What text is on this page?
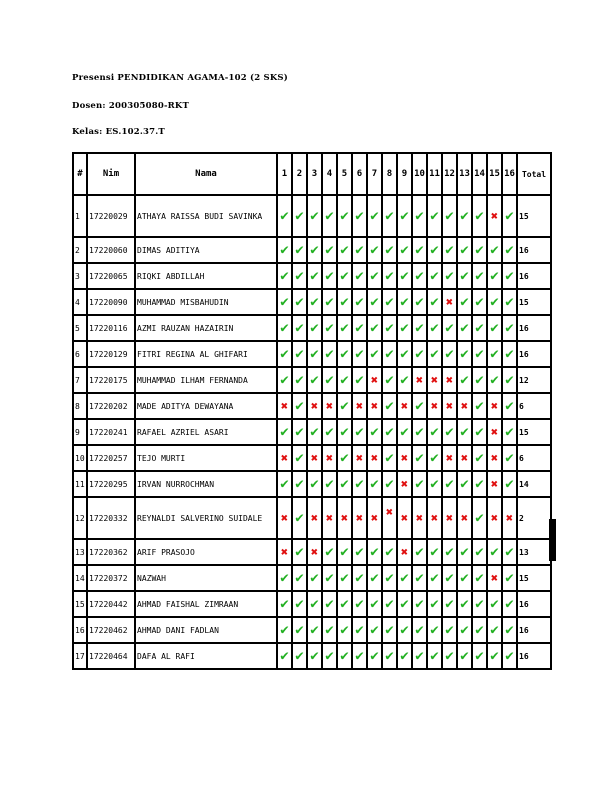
Presensi PENDIDIKAN AGAMA-102 (2 SKS)
Dosen: 200305080-RKT
Kelas: ES.102.37.T
#	Nim	Nama	1	2	3	4	5	6	7	8	9	10	11	12	13	14	15	16	Total
1	17220029	ATHAYA RAISSA BUDI SAVINKA	✔	✔	✔	✔	✔	✔	✔	✔	✔	✔	✔	✔	✔	✔	✖	✔	15
2	17220060	DIMAS ADITIYA	✔	✔	✔	✔	✔	✔	✔	✔	✔	✔	✔	✔	✔	✔	✔	✔	16
3	17220065	RIQKI ABDILLAH	✔	✔	✔	✔	✔	✔	✔	✔	✔	✔	✔	✔	✔	✔	✔	✔	16
4	17220090	MUHAMMAD MISBAHUDIN	✔	✔	✔	✔	✔	✔	✔	✔	✔	✔	✔	✖	✔	✔	✔	✔	15
5	17220116	AZMI RAUZAN HAZAIRIN	✔	✔	✔	✔	✔	✔	✔	✔	✔	✔	✔	✔	✔	✔	✔	✔	16
6	17220129	FITRI REGINA AL GHIFARI	✔	✔	✔	✔	✔	✔	✔	✔	✔	✔	✔	✔	✔	✔	✔	✔	16
7	17220175	MUHAMMAD ILHAM FERNANDA	✔	✔	✔	✔	✔	✔	✖	✔	✔	✖	✖	✖	✔	✔	✔	✔	12
8	17220202	MADE ADITYA DEWAYANA	✖	✔	✖	✖	✔	✖	✖	✔	✖	✔	✖	✖	✖	✔	✖	✔	6
9	17220241	RAFAEL AZRIEL ASARI	✔	✔	✔	✔	✔	✔	✔	✔	✔	✔	✔	✔	✔	✔	✖	✔	15
10	17220257	TEJO MURTI	✖	✔	✖	✖	✔	✖	✖	✔	✖	✔	✔	✖	✖	✔	✖	✔	6
11	17220295	IRVAN NURROCHMAN	✔	✔	✔	✔	✔	✔	✔	✔	✖	✔	✔	✔	✔	✔	✖	✔	14
12	17220332	REYNALDI SALVERINO SUIDALE	✖	✔	✖	✖	✖	✖	✖	✖	✖	✖	✖	✖	✖	✔	✖	✖	2
13	17220362	ARIF PRASOJO	✖	✔	✖	✔	✔	✔	✔	✔	✖	✔	✔	✔	✔	✔	✔	✔	13
14	17220372	NAZWAH	✔	✔	✔	✔	✔	✔	✔	✔	✔	✔	✔	✔	✔	✔	✖	✔	15
15	17220442	AHMAD FAISHAL ZIMRAAN	✔	✔	✔	✔	✔	✔	✔	✔	✔	✔	✔	✔	✔	✔	✔	✔	16
16	17220462	AHMAD DANI FADLAN	✔	✔	✔	✔	✔	✔	✔	✔	✔	✔	✔	✔	✔	✔	✔	✔	16
17	17220464	DAFA AL RAFI	✔	✔	✔	✔	✔	✔	✔	✔	✔	✔	✔	✔	✔	✔	✔	✔	16
